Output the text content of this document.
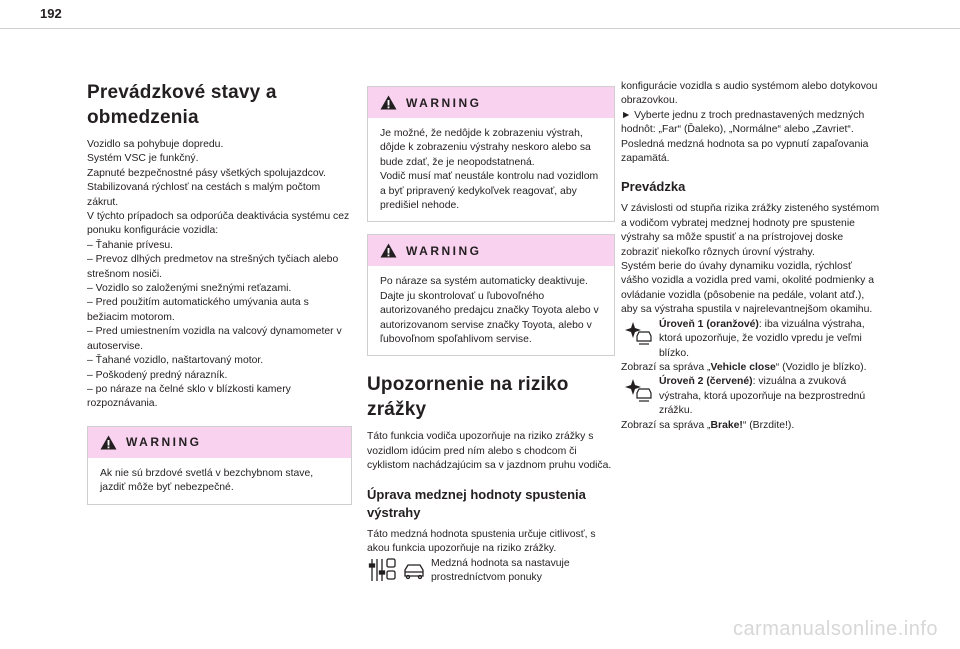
192
Prevádzkové stavy a
obmedzenia

Vozidlo sa pohybuje dopredu.
Systém VSC je funkčný.
Zapnuté bezpečnostné pásy všetkých spolujazdcov.
Stabilizovaná rýchlosť na cestách s malým počtom zákrut.
V týchto prípadoch sa odporúča deaktivácia systému cez ponuku konfigurácie vozidla:
– Ťahanie prívesu.
– Prevoz dlhých predmetov na strešných tyčiach alebo strešnom nosiči.
– Vozidlo so založenými snežnými reťazami.
– Pred použitím automatického umývania auta s bežiacim motorom.
– Pred umiestnením vozidla na valcový dynamometer v autoservise.
– Ťahané vozidlo, naštartovaný motor.
– Poškodený predný nárazník.
– po náraze na čelné sklo v blízkosti kamery rozpoznávania.

WARNING
Ak nie sú brzdové svetlá v bezchybnom stave, jazdiť môže byť nebezpečné.
WARNING
Je možné, že nedôjde k zobrazeniu výstrah, dôjde k zobrazeniu výstrahy neskoro alebo sa bude zdať, že je neopodstatnená.
Vodič musí mať neustále kontrolu nad vozidlom a byť pripravený kedykoľvek reagovať, aby predišiel nehode.
WARNING
Po náraze sa systém automaticky deaktivuje. Dajte ju skontrolovať u ľubovoľného autorizovaného predajcu značky Toyota alebo v autorizovanom servise značky Toyota, alebo v ľubovoľnom spoľahlivom servise.
Upozornenie na riziko
zrážky

Táto funkcia vodiča upozorňuje na riziko zrážky s vozidlom idúcim pred ním alebo s chodcom či cyklistom nachádzajúcim sa v jazdnom pruhu vodiča.

Úprava medznej hodnoty spustenia výstrahy

Táto medzná hodnota spustenia určuje citlivosť, s akou funkcia upozorňuje na riziko zrážky.

Medzná hodnota sa nastavuje prostredníctvom ponuky

konfigurácie vozidla s audio systémom alebo dotykovou obrazovkou.
► Vyberte jednu z troch prednastavených medzných hodnôt: „Far“ (Ďaleko), „Normálne“ alebo „Zavriet“.
Posledná medzná hodnota sa po vypnutí zapaľovania zapamätá.

Prevádzka

V závislosti od stupňa rizika zrážky zisteného systémom a vodičom vybratej medznej hodnoty pre spustenie výstrahy sa môže spustiť a na prístrojovej doske zobraziť niekoľko rôznych úrovní výstrahy.
Systém berie do úvahy dynamiku vozidla, rýchlosť vášho vozidla a vozidla pred vami, okolité podmienky a ovládanie vozidla (pôsobenie na pedále, volant atď.), aby sa výstraha spustila v najrelevantnejšom okamihu.

Úroveň 1 (oranžové): iba vizuálna výstraha, ktorá upozorňuje, že vozidlo vpredu je veľmi blízko.

Zobrazí sa správa „Vehicle close“ (Vozidlo je blízko).

Úroveň 2 (červené): vizuálna a zvuková výstraha, ktorá upozorňuje na bezprostrednú zrážku.

Zobrazí sa správa „Brake!“ (Brzdite!).

carmanualsonline.info
